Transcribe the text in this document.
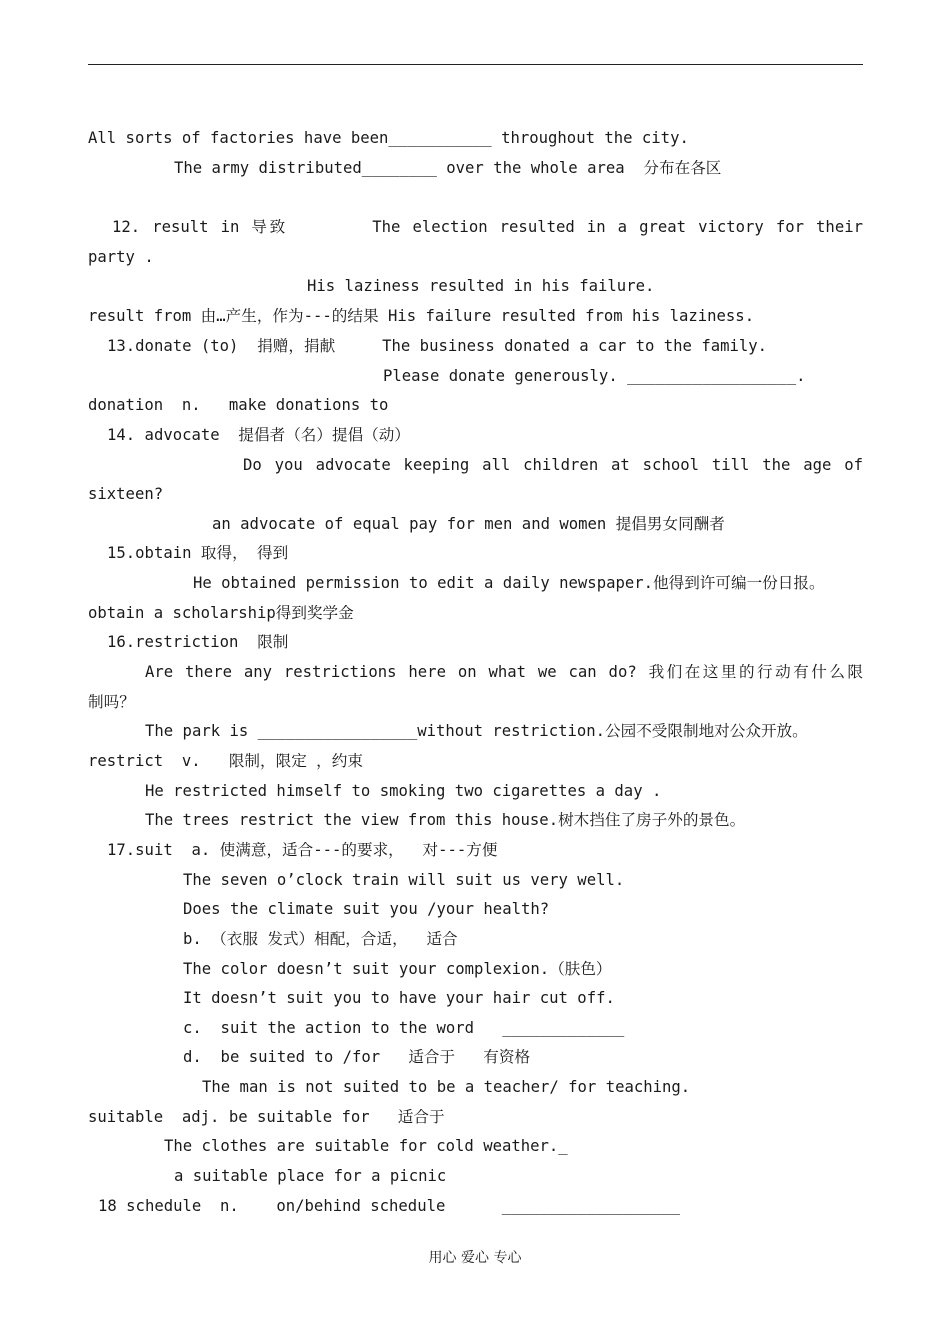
All sorts of factories have been___________ throughout the city.
The army distributed________ over the whole area  分布在各区
12. result in 导致       The election resulted in a great victory for their
party .
His laziness resulted in his failure.
result from 由…产生，作为---的结果 His failure resulted from his laziness.
13.donate (to)  捐赠，捐献     The business donated a car to the family.
Please donate generously. __________________.
donation  n.   make donations to
14. advocate  提倡者（名）提倡（动）
Do you advocate keeping all children at school till the age of
sixteen?
an advocate of equal pay for men and women 提倡男女同酬者
15.obtain 取得， 得到
He obtained permission to edit a daily newspaper.他得到许可编一份日报。
obtain a scholarship得到奖学金
16.restriction  限制
Are there any restrictions here on what we can do? 我们在这里的行动有什么限
制吗？
The park is _________________without restriction.公园不受限制地对公众开放。
restrict  v.   限制，限定 ，约束
He restricted himself to smoking two cigarettes a day .
The trees restrict the view from this house.树木挡住了房子外的景色。
17.suit  a. 使满意，适合---的要求，  对---方便
The seven o’clock train will suit us very well.
Does the climate suit you /your health?
b. （衣服 发式）相配，合适，  适合
The color doesn’t suit your complexion.（肤色）
It doesn’t suit you to have your hair cut off.
c.  suit the action to the word   _____________
d.  be suited to /for   适合于   有资格
The man is not suited to be a teacher/ for teaching.
suitable  adj. be suitable for   适合于
The clothes are suitable for cold weather._
a suitable place for a picnic
18 schedule  n.    on/behind schedule      ___________________
用心 爱心 专心
